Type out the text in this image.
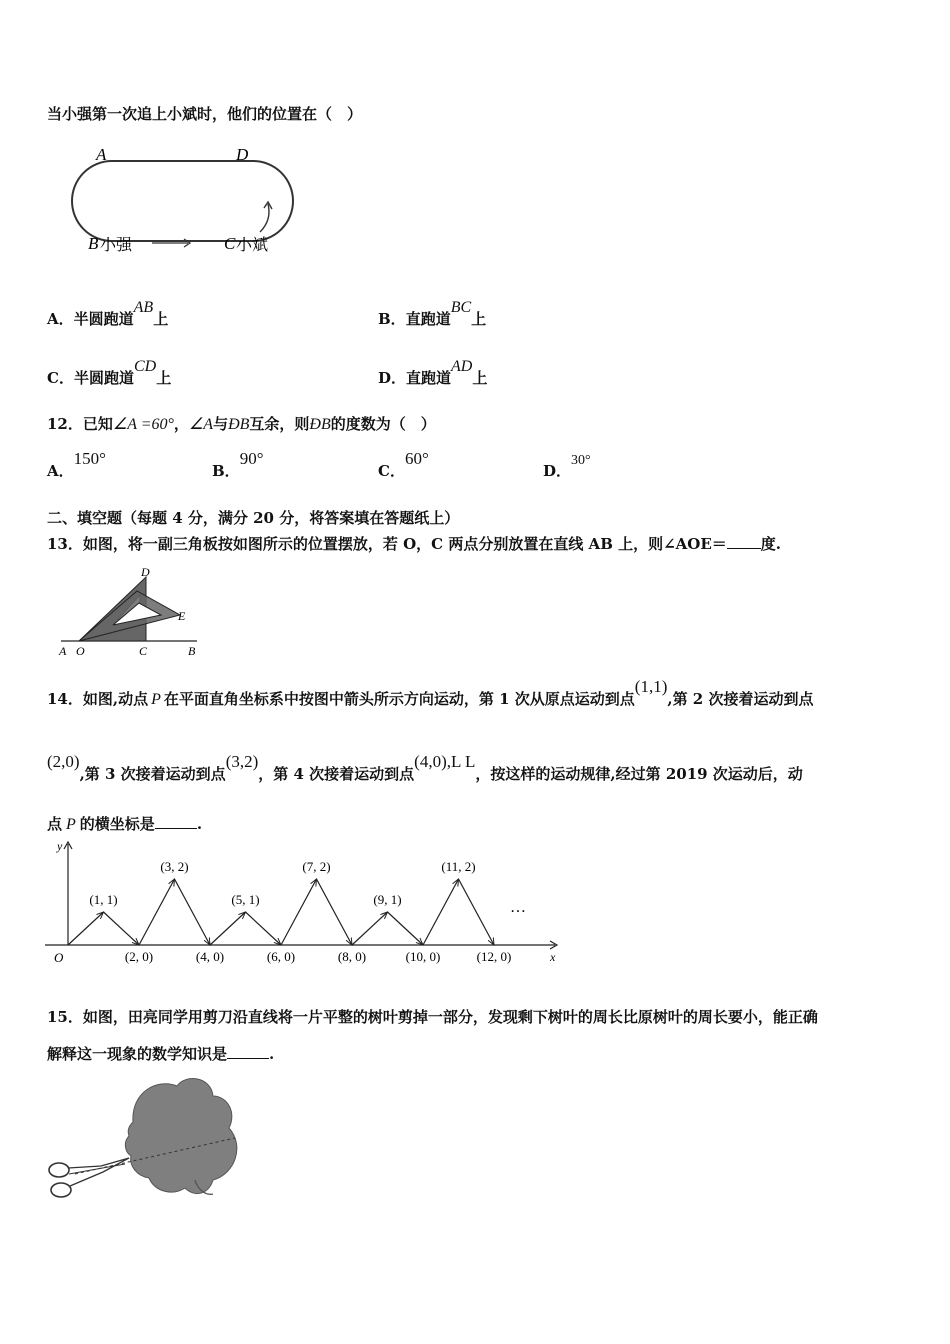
当小强第一次追上小斌时，他们的位置在（　）
A	D
B 小强	C 小斌
A．半圆跑道AB上	B．直跑道BC上
C．半圆跑道CD上	D．直跑道AD上
12．已知∠A =60°，∠A与ÐB互余，则ÐB的度数为（　）
A．150°
B．90°
C．60°
D．30°
二、填空题（每题 4 分，满分 20 分，将答案填在答题纸上）
13．如图，将一副三角板按如图所示的位置摆放，若 O，C 两点分别放置在直线 AB 上，则∠AOE＝ 度.
A O	C	B
D
E
14．如图,动点 P 在平面直角坐标系中按图中箭头所示方向运动，第 1 次从原点运动到点(1,1),第 2 次接着运动到点
(2,0),第 3 次接着运动到点(3,2)，第 4 次接着运动到点(4,0),L L，按这样的运动规律,经过第 2019 次运动后，动
点 P 的横坐标是	.
y
x
O
…
(1, 1)
(2, 0)
(3, 2)
(4, 0)
(5, 1)
(6, 0)
(7, 2)
(8, 0)
(9, 1)
(10, 0)
(11, 2)
(12, 0)
15．如图，田亮同学用剪刀沿直线将一片平整的树叶剪掉一部分，发现剩下树叶的周长比原树叶的周长要小，能正确
解释这一现象的数学知识是	.
